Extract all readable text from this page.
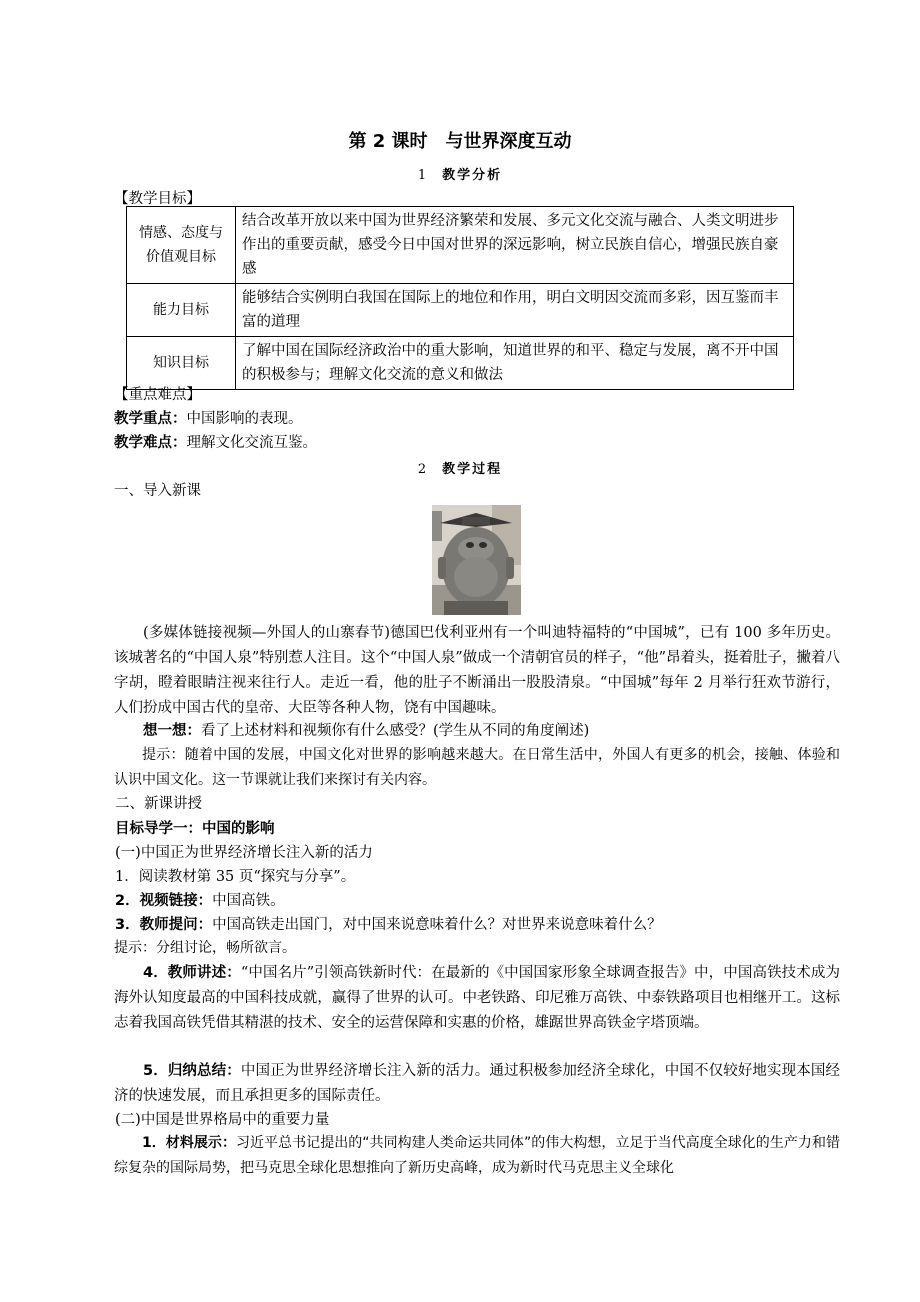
第 2 课时　与世界深度互动
1 教学分析
【教学目标】
情感、态度与价值观目标	结合改革开放以来中国为世界经济繁荣和发展、多元文化交流与融合、人类文明进步作出的重要贡献，感受今日中国对世界的深远影响，树立民族自信心，增强民族自豪感
能力目标	能够结合实例明白我国在国际上的地位和作用，明白文明因交流而多彩，因互鉴而丰富的道理
知识目标	了解中国在国际经济政治中的重大影响，知道世界的和平、稳定与发展，离不开中国的积极参与；理解文化交流的意义和做法
【重点难点】
教学重点：中国影响的表现。
教学难点：理解文化交流互鉴。
2 教学过程
一、导入新课
(多媒体链接视频—外国人的山寨春节)德国巴伐利亚州有一个叫迪特福特的“中国城”，已有 100 多年历史。该城著名的“中国人泉”特别惹人注目。这个“中国人泉”做成一个清朝官员的样子，“他”昂着头，挺着肚子，撇着八字胡，瞪着眼睛注视来往行人。走近一看，他的肚子不断涌出一股股清泉。“中国城”每年 2 月举行狂欢节游行，人们扮成中国古代的皇帝、大臣等各种人物，饶有中国趣味。
想一想：看了上述材料和视频你有什么感受？(学生从不同的角度阐述)
提示：随着中国的发展，中国文化对世界的影响越来越大。在日常生活中，外国人有更多的机会，接触、体验和认识中国文化。这一节课就让我们来探讨有关内容。
二、新课讲授
目标导学一：中国的影响
(一)中国正为世界经济增长注入新的活力
1．阅读教材第 35 页“探究与分享”。
2．视频链接：中国高铁。
3．教师提问：中国高铁走出国门，对中国来说意味着什么？对世界来说意味着什么？
提示：分组讨论，畅所欲言。
4．教师讲述：“中国名片”引领高铁新时代：在最新的《中国国家形象全球调查报告》中，中国高铁技术成为海外认知度最高的中国科技成就，赢得了世界的认可。中老铁路、印尼雅万高铁、中泰铁路项目也相继开工。这标志着我国高铁凭借其精湛的技术、安全的运营保障和实惠的价格，雄踞世界高铁金字塔顶端。
5．归纳总结：中国正为世界经济增长注入新的活力。通过积极参加经济全球化，中国不仅较好地实现本国经济的快速发展，而且承担更多的国际责任。
(二)中国是世界格局中的重要力量
1．材料展示：习近平总书记提出的“共同构建人类命运共同体”的伟大构想，立足于当代高度全球化的生产力和错综复杂的国际局势，把马克思全球化思想推向了新历史高峰，成为新时代马克思主义全球化
